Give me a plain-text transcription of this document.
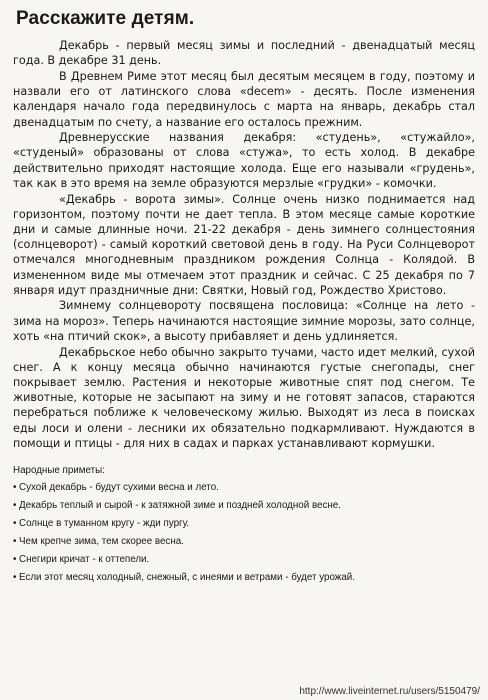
Расскажите детям.

Декабрь - первый месяц зимы и последний - двенадцатый месяц года. В декабре 31 день.

В Древнем Риме этот месяц был десятым месяцем в году, поэтому и назвали его от латинского слова «decem» - десять. После изменения календаря начало года передвинулось с марта на январь, декабрь стал двенадцатым по счету, а название его осталось прежним.

Древнерусские названия декабря: «студень», «стужайло», «студеный» образованы от слова «стужа», то есть холод. В декабре действительно приходят настоящие холода. Еще его называли «грудень», так как в это время на земле образуются мерзлые «грудки» - комочки.

«Декабрь - ворота зимы». Солнце очень низко поднимается над горизонтом, поэтому почти не дает тепла. В этом месяце самые короткие дни и самые длинные ночи. 21-22 декабря - день зимнего солнцестояния (солнцеворот) - самый короткий световой день в году. На Руси Солнцеворот отмечался многодневным праздником рождения Солнца - Колядой. В измененном виде мы отмечаем этот праздник и сейчас. С 25 декабря по 7 января идут праздничные дни: Святки, Новый год, Рождество Христово.

Зимнему солнцевороту посвящена пословица: «Солнце на лето - зима на мороз». Теперь начинаются настоящие зимние морозы, зато солнце, хоть «на птичий скок», а высоту прибавляет и день удлиняется.

Декабрьское небо обычно закрыто тучами, часто идет мелкий, сухой снег. А к концу месяца обычно начинаются густые снегопады, снег покрывает землю. Растения и некоторые животные спят под снегом. Те животные, которые не засыпают на зиму и не готовят запасов, стараются перебраться поближе к человеческому жилью. Выходят из леса в поисках еды лоси и олени - лесники их обязательно подкармливают. Нуждаются в помощи и птицы - для них в садах и парках устанавливают кормушки.

Народные приметы:
• Сухой декабрь - будут сухими весна и лето.
• Декабрь теплый и сырой - к затяжной зиме и поздней холодной весне.
• Солнце в туманном кругу - жди пургу.
• Чем крепче зима, тем скорее весна.
• Снегири кричат - к оттепели.
• Если этот месяц холодный, снежный, с инеями и ветрами - будет урожай.
http://www.liveinternet.ru/users/5150479/
